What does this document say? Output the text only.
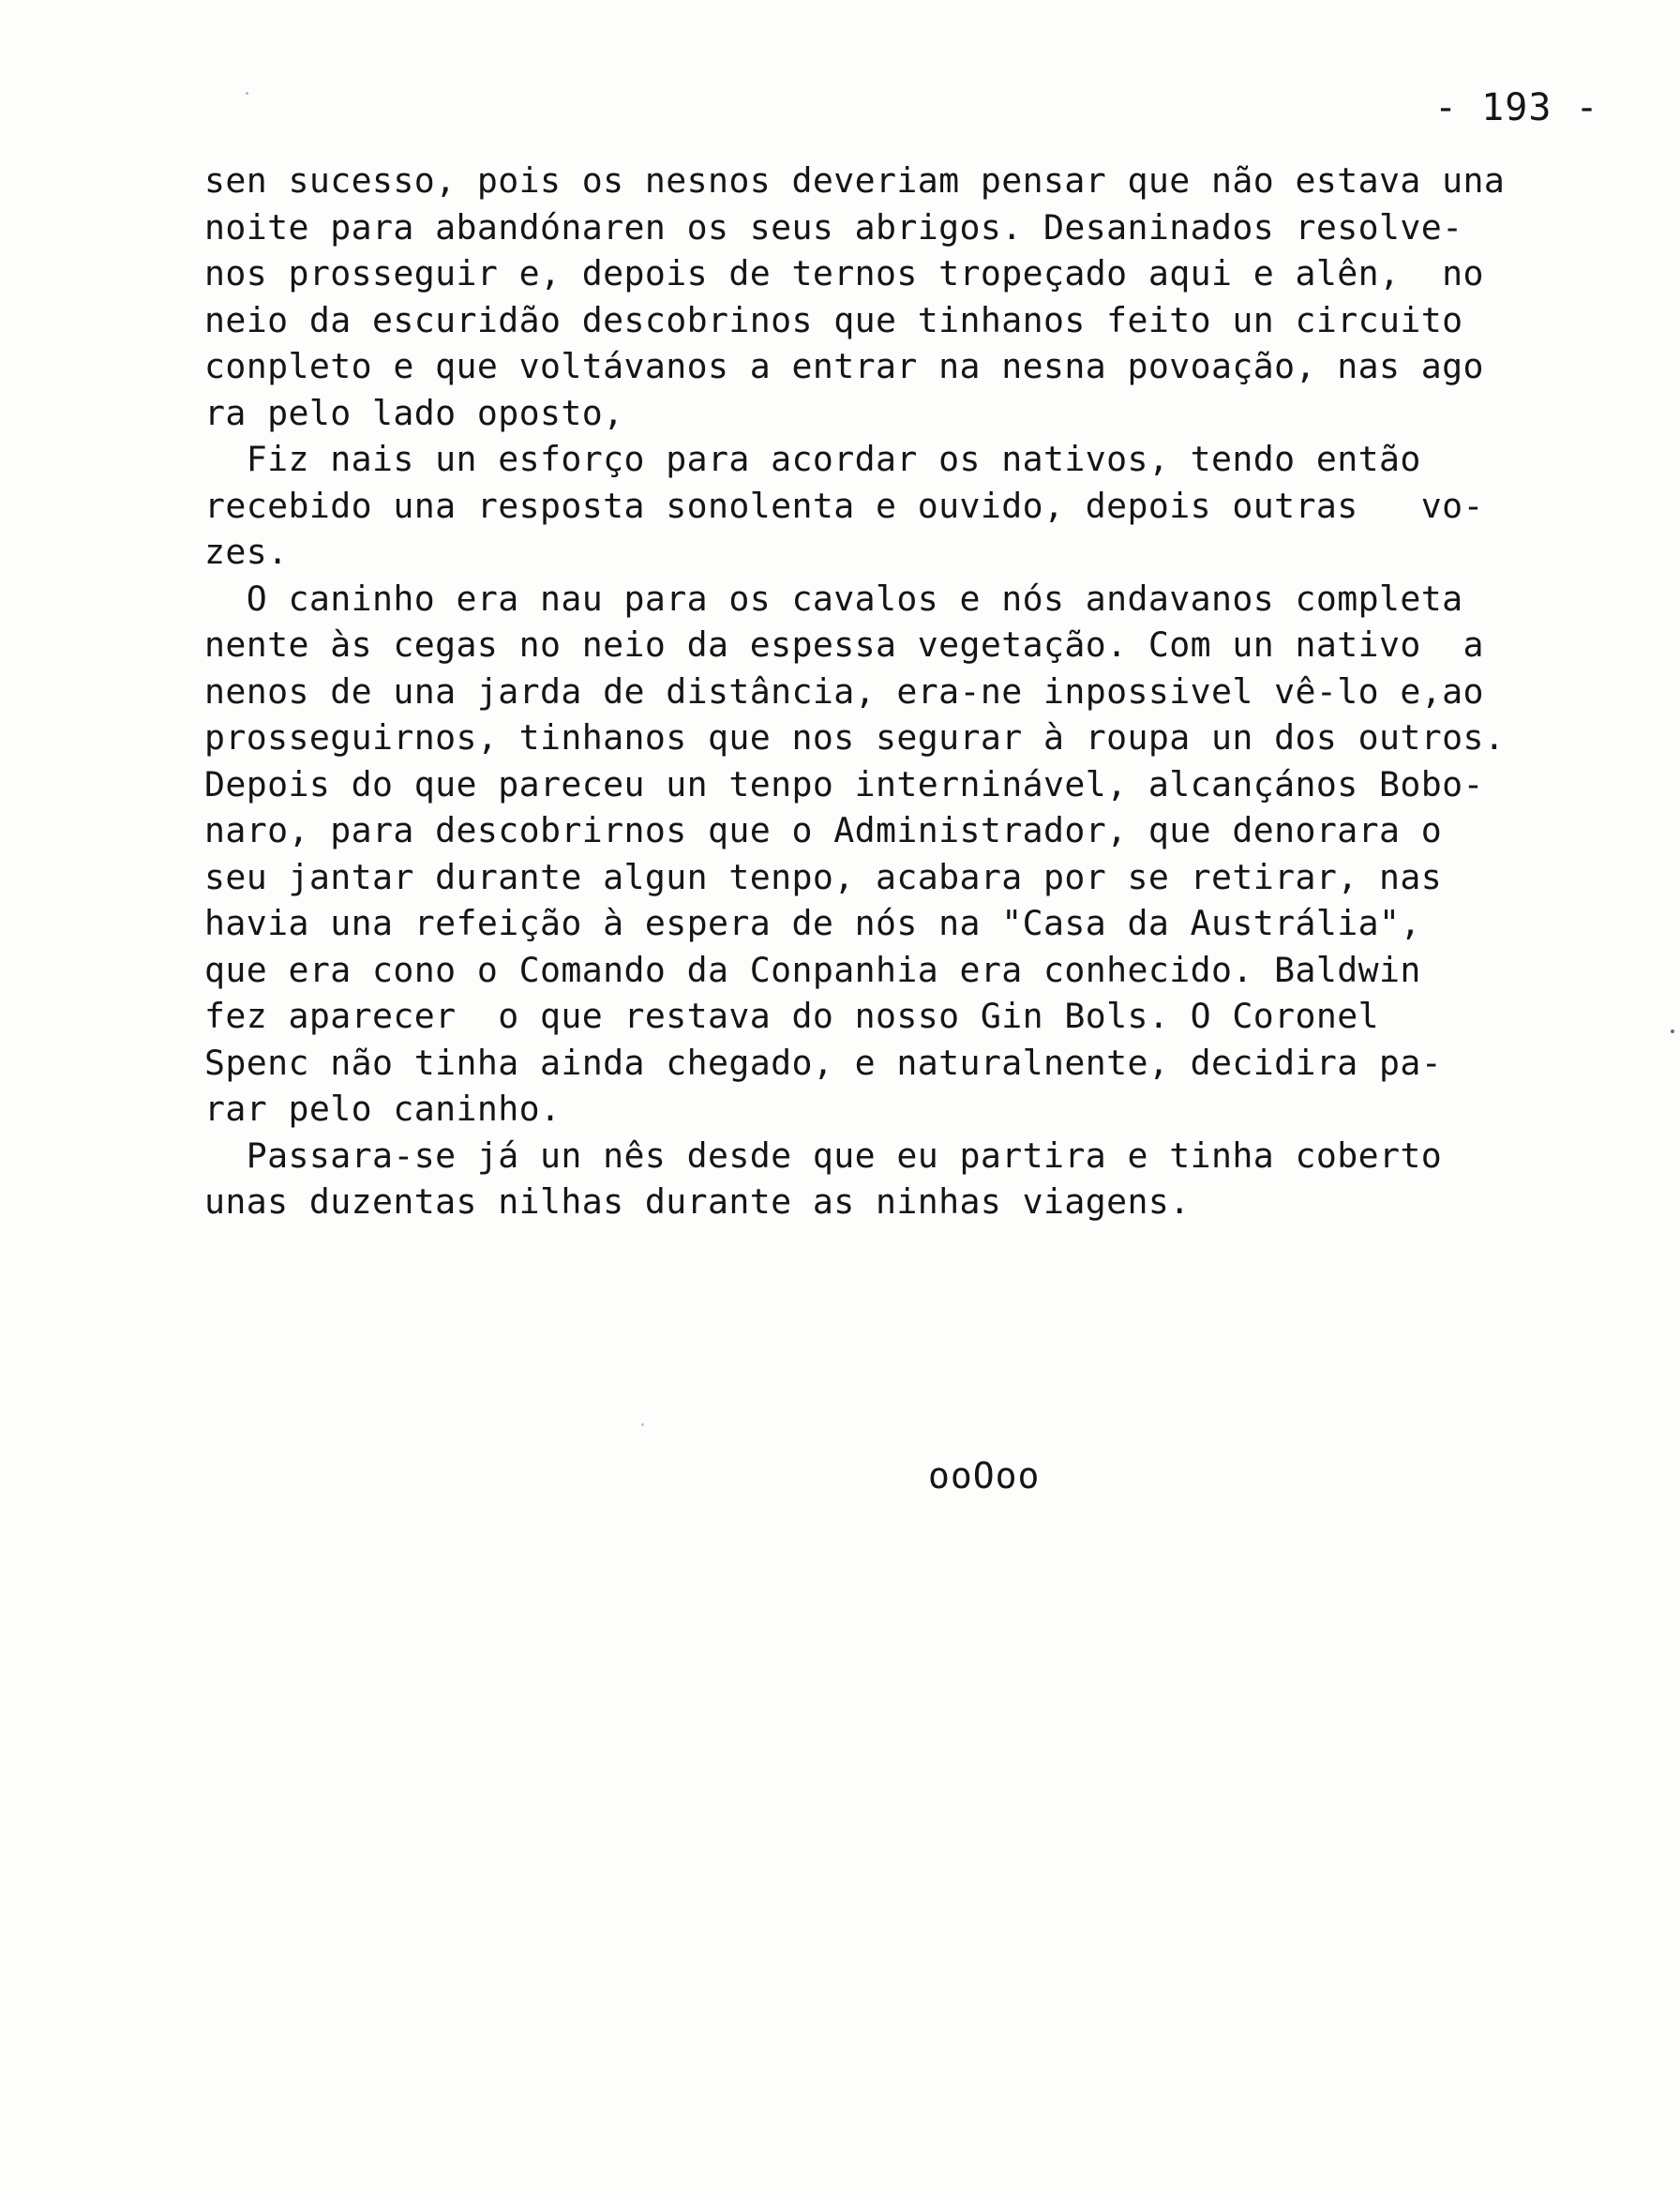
- 193 -
sen sucesso, pois os nesnos deveriam pensar que não estava una
noite para abandónaren os seus abrigos. Desaninados resolve-
nos prosseguir e, depois de ternos tropeçado aqui e alên,  no
neio da escuridão descobrinos que tinhanos feito un circuito
conpleto e que voltávanos a entrar na nesna povoação, nas ago
ra pelo lado oposto,
Fiz nais un esforço para acordar os nativos, tendo então
recebido una resposta sonolenta e ouvido, depois outras   vo-
zes.
O caninho era nau para os cavalos e nós andavanos completa
nente às cegas no neio da espessa vegetação. Com un nativo  a
nenos de una jarda de distância, era-ne inpossivel vê-lo e,ao
prosseguirnos, tinhanos que nos segurar à roupa un dos outros.
Depois do que pareceu un tenpo interninável, alcançános Bobo-
naro, para descobrirnos que o Administrador, que denorara o
seu jantar durante algun tenpo, acabara por se retirar, nas
havia una refeição à espera de nós na "Casa da Austrália",
que era cono o Comando da Conpanhia era conhecido. Baldwin
fez aparecer  o que restava do nosso Gin Bols. O Coronel
Spenc não tinha ainda chegado, e naturalnente, decidira pa-
rar pelo caninho.
Passara-se já un nês desde que eu partira e tinha coberto
unas duzentas nilhas durante as ninhas viagens.
ooOoo
